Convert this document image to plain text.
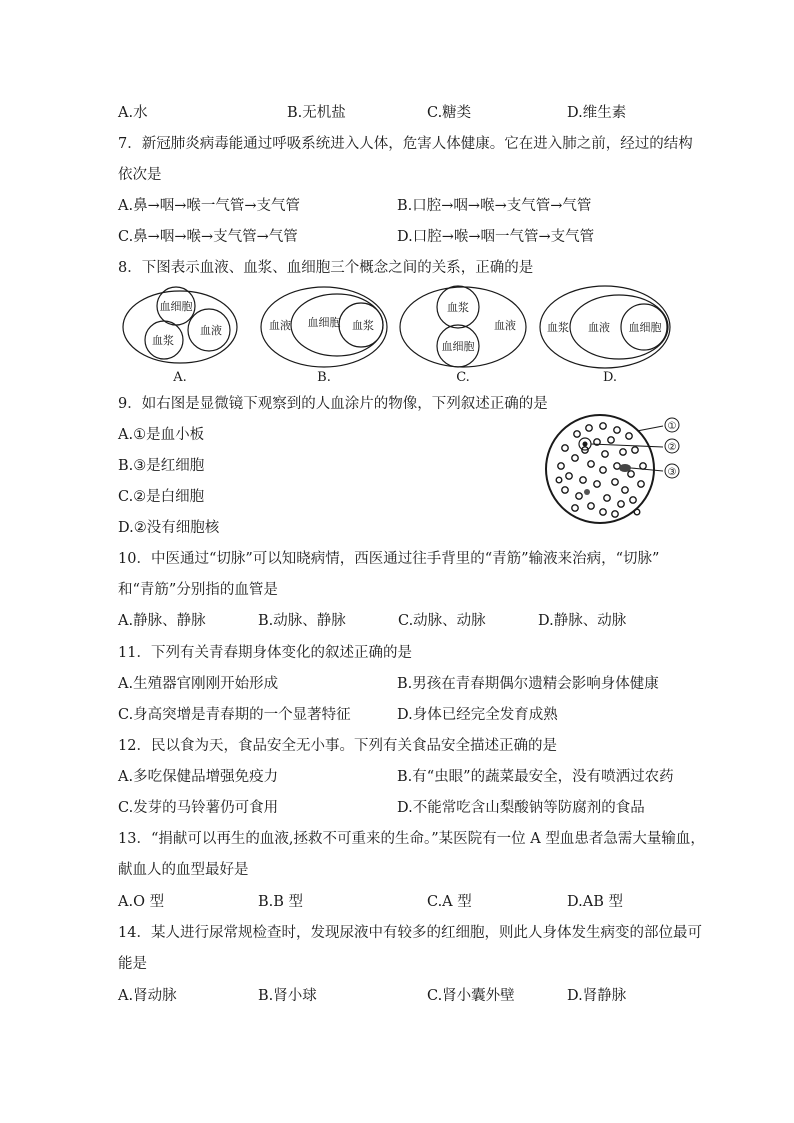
A.水	B.无机盐	C.糖类	D.维生素
7．新冠肺炎病毒能通过呼吸系统进入人体，危害人体健康。它在进入肺之前，经过的结构
依次是
A.鼻→咽→喉一气管→支气管	B.口腔→咽→喉→支气管→气管
C.鼻→咽→喉→支气管→气管	D.口腔→喉→咽一气管→支气管
8．下图表示血液、血浆、血细胞三个概念之间的关系，正确的是
血细胞
血液
血浆
A.
血液 血细胞 血浆
B.
血浆
血液
血细胞
C.
血浆 血液 血细胞
D.
9．如右图是显微镜下观察到的人血涂片的物像，下列叙述正确的是
A.①是血小板
B.③是红细胞
C.②是白细胞
D.②没有细胞核
①
②
③
10．中医通过“切脉”可以知晓病情，西医通过往手背里的“青筋”输液来治病，“切脉”
和“青筋”分别指的血管是
A.静脉、静脉	B.动脉、静脉	C.动脉、动脉	D.静脉、动脉
11．下列有关青春期身体变化的叙述正确的是
A.生殖器官刚刚开始形成	B.男孩在青春期偶尔遗精会影响身体健康
C.身高突增是青春期的一个显著特征	D.身体已经完全发育成熟
12．民以食为天，食品安全无小事。下列有关食品安全描述正确的是
A.多吃保健品增强免疫力	B.有“虫眼”的蔬菜最安全，没有喷洒过农药
C.发芽的马铃薯仍可食用	D.不能常吃含山梨酸钠等防腐剂的食品
13．“捐献可以再生的血液,拯救不可重来的生命。”某医院有一位 A 型血患者急需大量输血，
献血人的血型最好是
A.O 型	B.B 型	C.A 型	D.AB 型
14．某人进行尿常规检查时，发现尿液中有较多的红细胞，则此人身体发生病变的部位最可
能是
A.肾动脉	B.肾小球	C.肾小囊外壁	D.肾静脉
